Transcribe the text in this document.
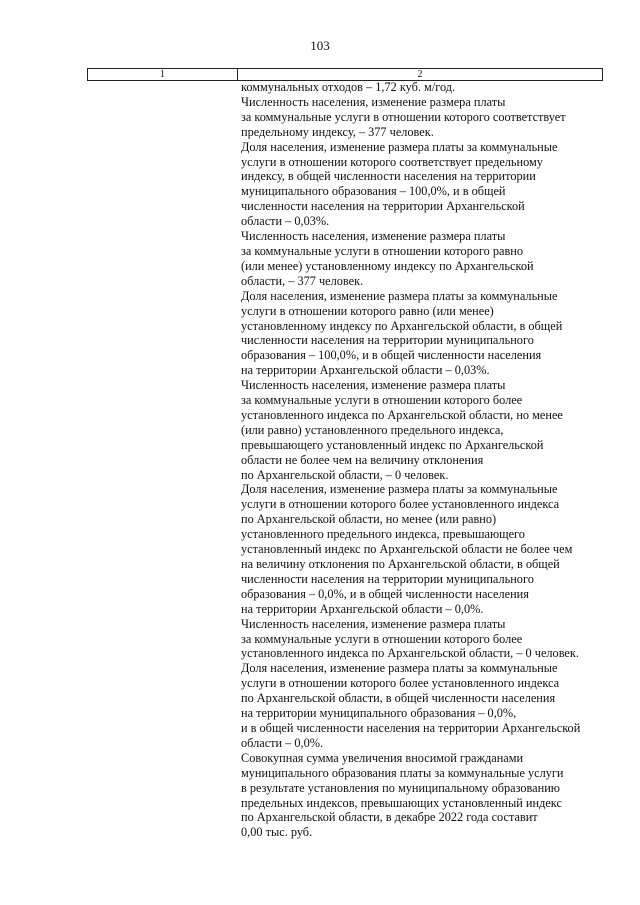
103
1	2

коммунальных отходов – 1,72 куб. м/год.

Численность населения, изменение размера платы

за коммунальные услуги в отношении которого соответствует

предельному индексу, – 377 человек.

Доля населения, изменение размера платы за коммунальные

услуги в отношении которого соответствует предельному

индексу, в общей численности населения на территории

муниципального образования – 100,0%, и в общей

численности населения на территории Архангельской

области – 0,03%.

Численность населения, изменение размера платы

за коммунальные услуги в отношении которого равно

(или менее) установленному индексу по Архангельской

области, – 377 человек.

Доля населения, изменение размера платы за коммунальные

услуги в отношении которого равно (или менее)

установленному индексу по Архангельской области, в общей

численности населения на территории муниципального

образования – 100,0%, и в общей численности населения

на территории Архангельской области – 0,03%.

Численность населения, изменение размера платы

за коммунальные услуги в отношении которого более

установленного индекса по Архангельской области, но менее

(или равно) установленного предельного индекса,

превышающего установленный индекс по Архангельской

области не более чем на величину отклонения

по Архангельской области, – 0 человек.

Доля населения, изменение размера платы за коммунальные

услуги в отношении которого более установленного индекса

по Архангельской области, но менее (или равно)

установленного предельного индекса, превышающего

установленный индекс по Архангельской области не более чем

на величину отклонения по Архангельской области, в общей

численности населения на территории муниципального

образования – 0,0%, и в общей численности населения

на территории Архангельской области – 0,0%.

Численность населения, изменение размера платы

за коммунальные услуги в отношении которого более

установленного индекса по Архангельской области, – 0 человек.

Доля населения, изменение размера платы за коммунальные

услуги в отношении которого более установленного индекса

по Архангельской области, в общей численности населения

на территории муниципального образования – 0,0%,

и в общей численности населения на территории Архангельской

области – 0,0%.

Совокупная сумма увеличения вносимой гражданами

муниципального образования платы за коммунальные услуги

в результате установления по муниципальному образованию

предельных индексов, превышающих установленный индекс

по Архангельской области, в декабре 2022 года составит

0,00 тыс. руб.
